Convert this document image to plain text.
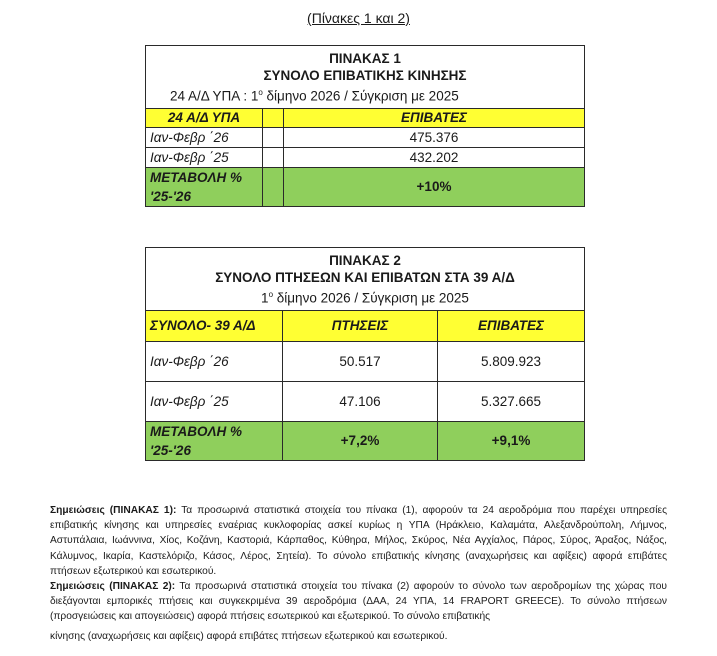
(Πίνακες 1 και 2)
ΠΙΝΑΚΑΣ 1
ΣΥΝΟΛΟ ΕΠΙΒΑΤΙΚΗΣ ΚΙΝΗΣΗΣ
24 Α/Δ ΥΠΑ : $1^o$ δίμηνο 2026 / Σύγκριση με 2025		

24 Α/Δ ΥΠΑ		ΕΠΙΒΑΤΕΣ
Ιαν-Φεβρ ΄26		475.376
Ιαν-Φεβρ ΄25		432.202

ΜΕΤΑΒΟΛΗ %
'25-'26		+10%
ΠΙΝΑΚΑΣ 2
ΣΥΝΟΛΟ ΠΤΗΣΕΩΝ ΚΑΙ ΕΠΙΒΑΤΩΝ ΣΤΑ 39 Α/Δ
$1^o$ δίμηνο 2026 / Σύγκριση με 2025		

ΣΥΝΟΛΟ- 39 Α/Δ	ΠΤΗΣΕΙΣ	ΕΠΙΒΑΤΕΣ
Ιαν-Φεβρ ΄26	50.517	5.809.923
Ιαν-Φεβρ ΄25	47.106	5.327.665

ΜΕΤΑΒΟΛΗ %
'25-'26	+7,2%	+9,1%

Σημειώσεις (ΠΙΝΑΚΑΣ 1): Τα προσωρινά στατιστικά στοιχεία του πίνακα (1), αφορούν τα 24 αεροδρόμια που παρέχει υπηρεσίες επιβατικής κίνησης και υπηρεσίες εναέριας κυκλοφορίας ασκεί κυρίως η ΥΠΑ (Ηράκλειο, Καλαμάτα, Αλεξανδρούπολη, Λήμνος, Αστυπάλαια, Ιωάννινα, Χίος, Κοζάνη, Καστοριά, Κάρπαθος, Κύθηρα, Μήλος, Σκύρος, Νέα Αγχίαλος, Πάρος, Σύρος, Άραξος, Νάξος, Κάλυμνος, Ικαρία, Καστελόριζο, Κάσος, Λέρος, Σητεία). Το σύνολο επιβατικής κίνησης (αναχωρήσεις και αφίξεις) αφορά επιβάτες πτήσεων εξωτερικού και εσωτερικού.

Σημειώσεις (ΠΙΝΑΚΑΣ 2): Τα προσωρινά στατιστικά στοιχεία του πίνακα (2) αφορούν το σύνολο των αεροδρομίων της χώρας που διεξάγονται εμπορικές πτήσεις και συγκεκριμένα 39 αεροδρόμια (ΔΑΑ, 24 ΥΠΑ, 14 FRAPORT GREECE). Το σύνολο πτήσεων (προσγειώσεις και απογειώσεις) αφορά πτήσεις εσωτερικού και εξωτερικού. Το σύνολο επιβατικής

κίνησης (αναχωρήσεις και αφίξεις) αφορά επιβάτες πτήσεων εξωτερικού και εσωτερικού.
